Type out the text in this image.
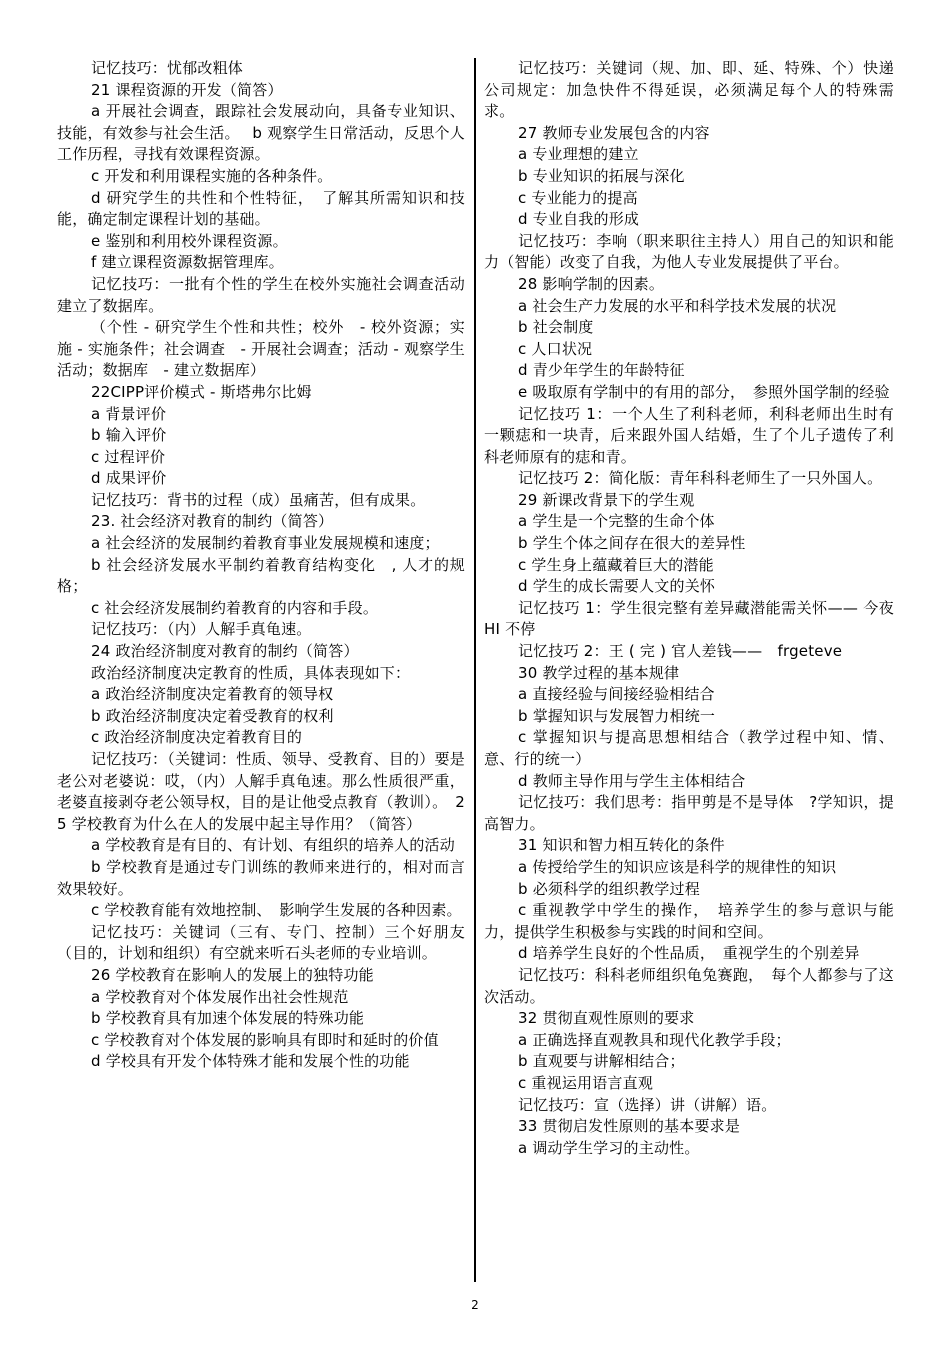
记忆技巧：忧郁改粗体

21 课程资源的开发（简答）

a 开展社会调查，跟踪社会发展动向，具备专业知识、技能，有效参与社会生活。　 b 观察学生日常活动，反思个人工作历程，寻找有效课程资源。

c 开发和利用课程实施的各种条件。

d 研究学生的共性和个性特征，　了解其所需知识和技能，确定制定课程计划的基础。

e 鉴别和利用校外课程资源。

f 建立课程资源数据管理库。

记忆技巧：一批有个性的学生在校外实施社会调查活动建立了数据库。

（个性 - 研究学生个性和共性；校外　- 校外资源；实施 - 实施条件；社会调查　- 开展社会调查；活动 - 观察学生活动；数据库　- 建立数据库）

22CIPP评价模式 - 斯塔弗尔比姆

a 背景评价

b 输入评价

c 过程评价

d 成果评价

记忆技巧：背书的过程（成）虽痛苦，但有成果。

23. 社会经济对教育的制约（简答）

a 社会经济的发展制约着教育事业发展规模和速度；

b 社会经济发展水平制约着教育结构变化　, 人才的规格；

c 社会经济发展制约着教育的内容和手段。

记忆技巧：（内）人解手真龟速。

24 政治经济制度对教育的制约（简答）

政治经济制度决定教育的性质，具体表现如下：

a 政治经济制度决定着教育的领导权

b 政治经济制度决定着受教育的权利

c 政治经济制度决定着教育目的

记忆技巧：（关键词：性质、领导、受教育、目的）要是老公对老婆说：哎，（内）人解手真龟速。那么性质很严重，老婆直接剥夺老公领导权，目的是让他受点教育（教训）。　25 学校教育为什么在人的发展中起主导作用？（简答）

a 学校教育是有目的、有计划、有组织的培养人的活动

b 学校教育是通过专门训练的教师来进行的，相对而言效果较好。

c 学校教育能有效地控制、　影响学生发展的各种因素。

记忆技巧：关键词（三有、专门、控制）三个好朋友（目的，计划和组织）有空就来听石头老师的专业培训。

26 学校教育在影响人的发展上的独特功能

a 学校教育对个体发展作出社会性规范

b 学校教育具有加速个体发展的特殊功能

c 学校教育对个体发展的影响具有即时和延时的价值

d 学校具有开发个体特殊才能和发展个性的功能

记忆技巧：关键词（规、加、即、延、特殊、个）快递公司规定：加急快件不得延误，必须满足每个人的特殊需求。

27 教师专业发展包含的内容

a 专业理想的建立

b 专业知识的拓展与深化

c 专业能力的提高

d 专业自我的形成

记忆技巧：李响（职来职往主持人）用自己的知识和能力（智能）改变了自我，为他人专业发展提供了平台。

28 影响学制的因素。

a 社会生产力发展的水平和科学技术发展的状况

b 社会制度

c 人口状况

d 青少年学生的年龄特征

e 吸取原有学制中的有用的部分，　参照外国学制的经验

记忆技巧 1：一个人生了利科老师，利科老师出生时有一颗痣和一块青，后来跟外国人结婚，生了个儿子遗传了利科老师原有的痣和青。

记忆技巧 2：简化版：青年科科老师生了一只外国人。

29 新课改背景下的学生观

a 学生是一个完整的生命个体

b 学生个体之间存在很大的差异性

c 学生身上蕴藏着巨大的潜能

d 学生的成长需要人文的关怀

记忆技巧 1：学生很完整有差异藏潜能需关怀—— 今夜 HI 不停

记忆技巧 2：王 ( 完 ) 官人差钱——　frgeteve

30 教学过程的基本规律

a 直接经验与间接经验相结合

b 掌握知识与发展智力相统一

c 掌握知识与提高思想相结合（教学过程中知、情、意、行的统一）

d 教师主导作用与学生主体相结合

记忆技巧：我们思考：指甲剪是不是导体　?学知识，提高智力。

31 知识和智力相互转化的条件

a 传授给学生的知识应该是科学的规律性的知识

b 必须科学的组织教学过程

c 重视教学中学生的操作，　培养学生的参与意识与能力，提供学生积极参与实践的时间和空间。

d 培养学生良好的个性品质，　重视学生的个别差异

记忆技巧：科科老师组织龟兔赛跑，　每个人都参与了这次活动。

32 贯彻直观性原则的要求

a 正确选择直观教具和现代化教学手段；

b 直观要与讲解相结合；

c 重视运用语言直观

记忆技巧：宣（选择）讲（讲解）语。

33 贯彻启发性原则的基本要求是

a 调动学生学习的主动性。

2
